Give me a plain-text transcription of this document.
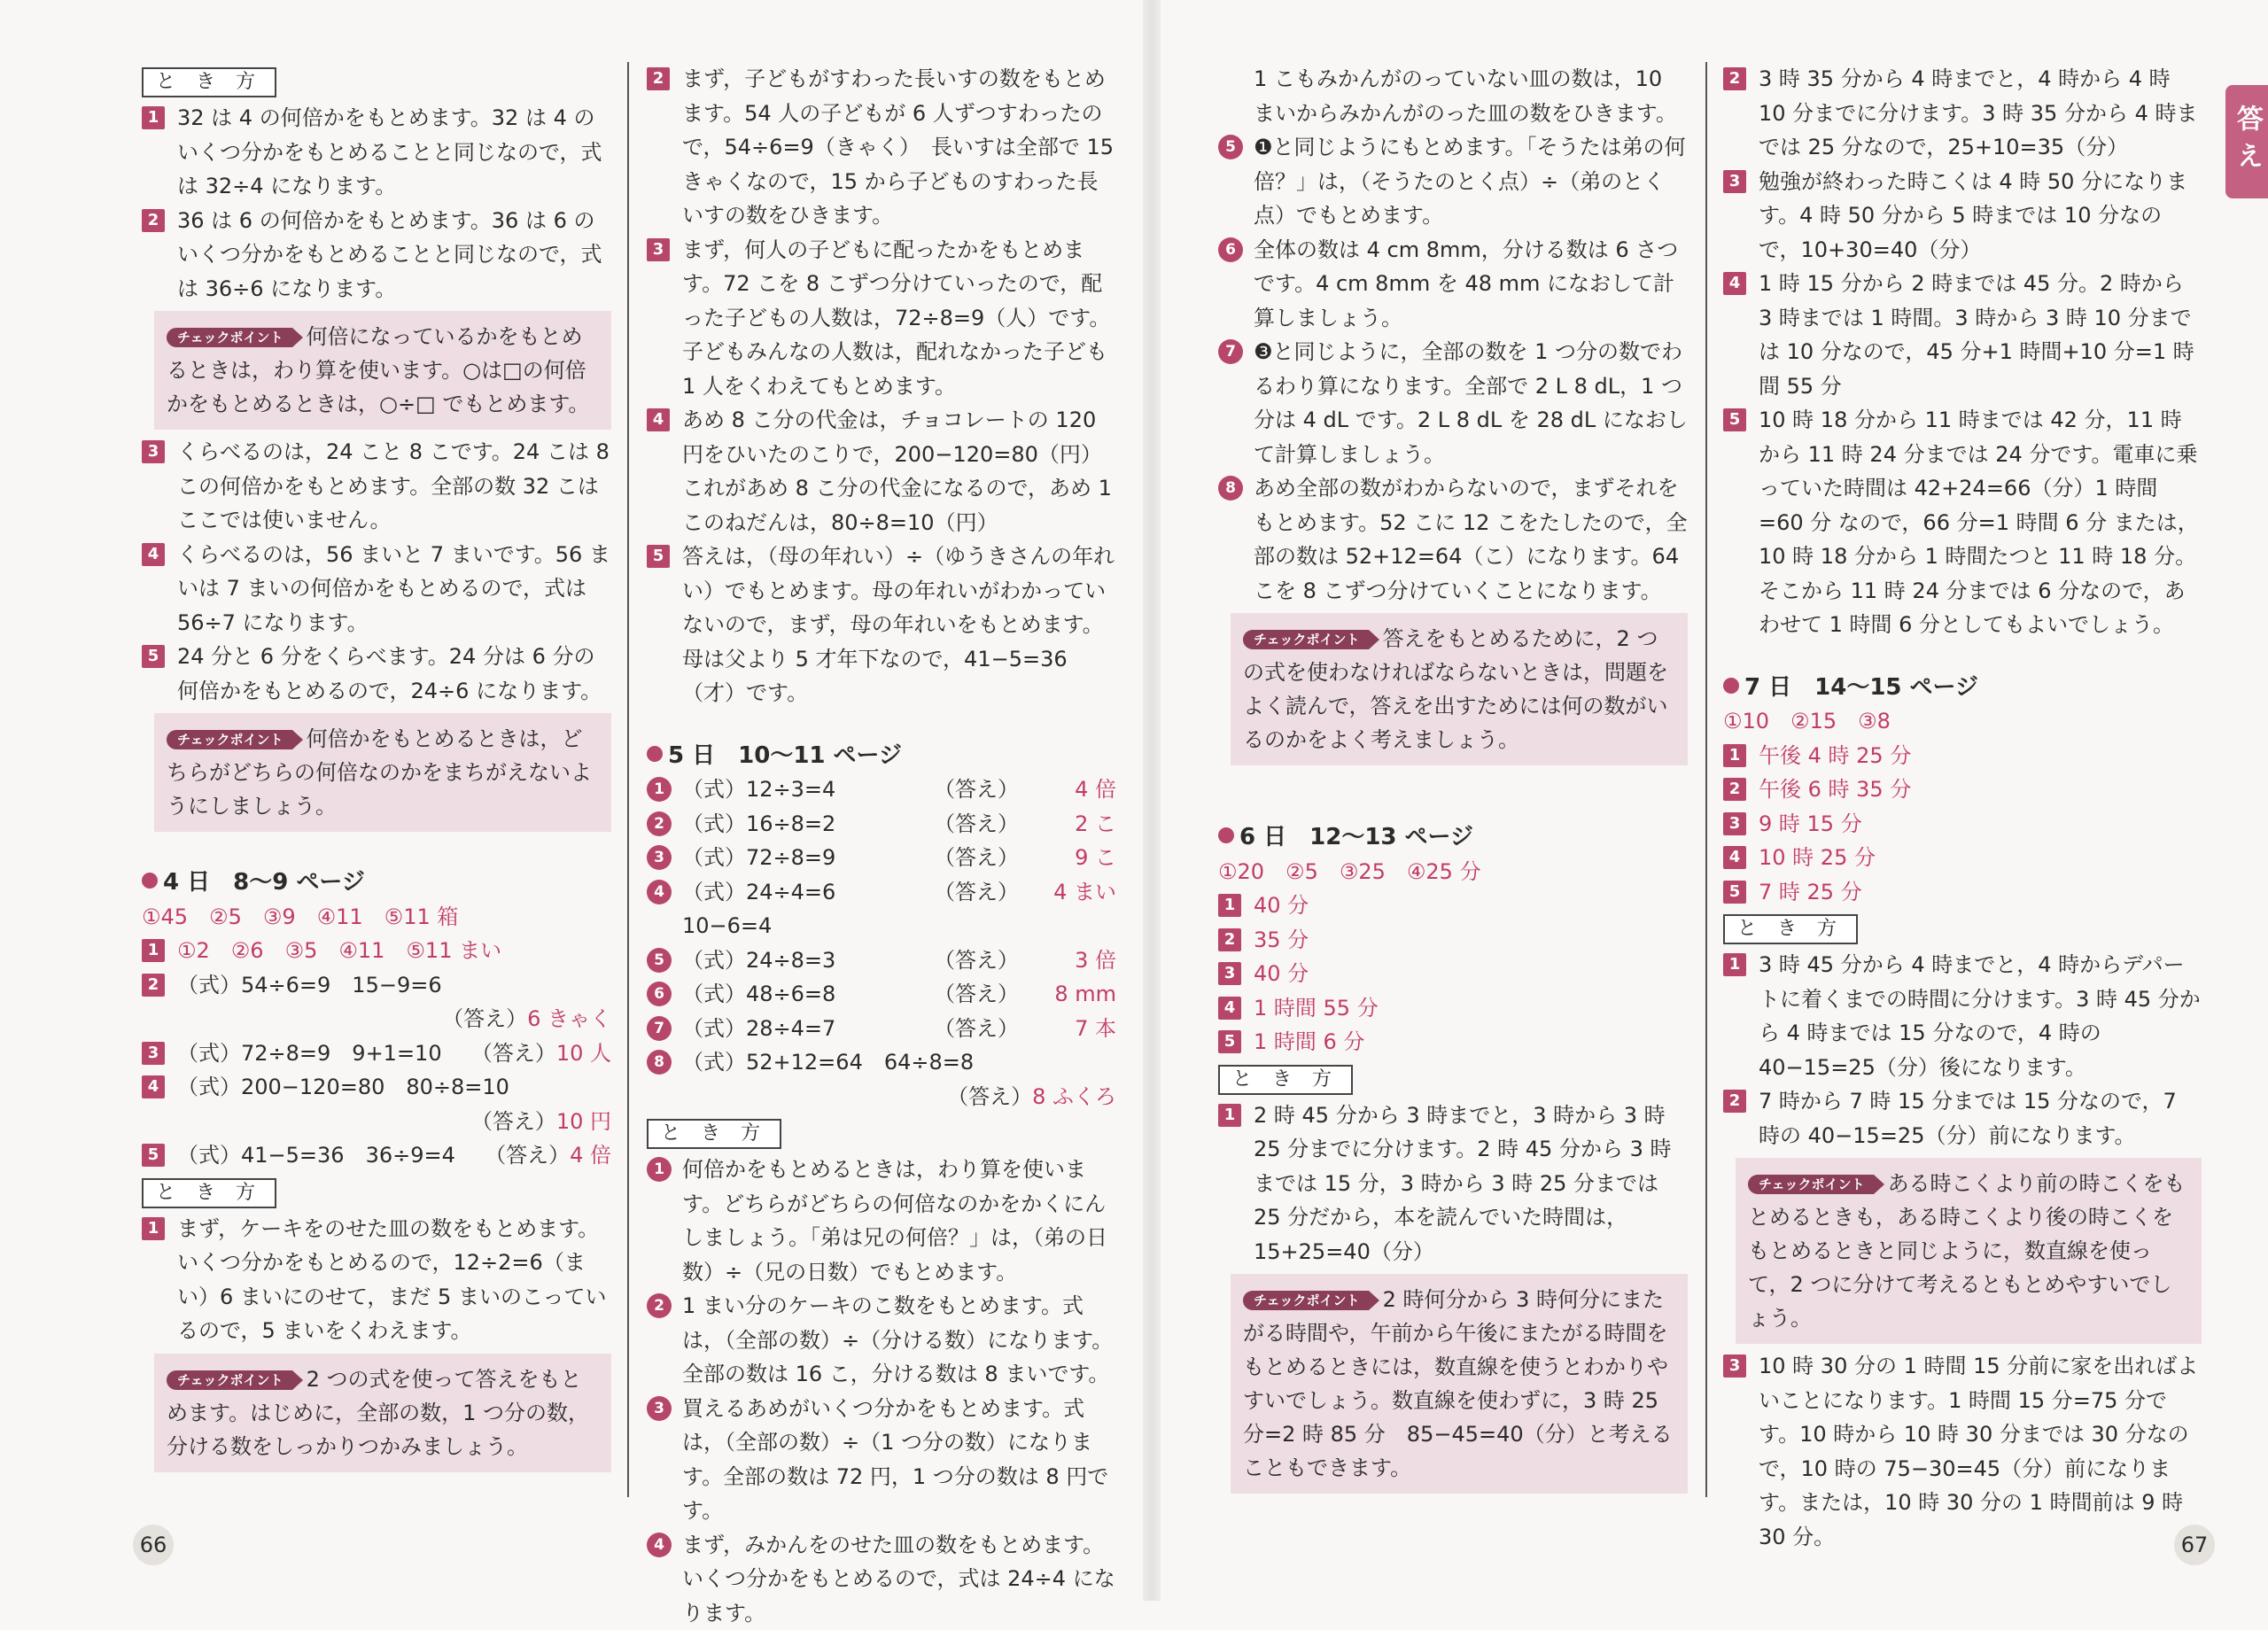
と き 方
1 32 は 4 の何倍かをもとめます。32 は 4 のいくつ分かをもとめることと同じなので，式は 32÷4 になります。
2 36 は 6 の何倍かをもとめます。36 は 6 のいくつ分かをもとめることと同じなので，式は 36÷6 になります。
チェックポイント 何倍になっているかをもとめるときは，わり算を使います。○は□の何倍かをもとめるときは，○÷□ でもとめます。
3 くらべるのは，24 こと 8 こです。24 こは 8 この何倍かをもとめます。全部の数 32 こはここでは使いません。
4 くらべるのは，56 まいと 7 まいです。56 まいは 7 まいの何倍かをもとめるので，式は 56÷7 になります。
5 24 分と 6 分をくらべます。24 分は 6 分の何倍かをもとめるので，24÷6 になります。
チェックポイント 何倍かをもとめるときは，どちらがどちらの何倍なのかをまちがえないようにしましょう。
4 日　8～9 ページ
①45　②5　③9　④11　⑤11 箱
1 ①2　②6　③5　④11　⑤11 まい
2 （式）54÷6=9　15−9=6
（答え）6 きゃく
3 （式）72÷8=9　9+1=10	（答え） 10 人
4 （式）200−120=80　80÷8=10
（答え）10 円
5 （式）41−5=36　36÷9=4	（答え） 4 倍
と き 方
1 まず，ケーキをのせた皿の数をもとめます。いくつ分かをもとめるので，12÷2=6（まい）6 まいにのせて，まだ 5 まいのこっているので，5 まいをくわえます。
チェックポイント 2 つの式を使って答えをもとめます。はじめに，全部の数，1 つ分の数，分ける数をしっかりつかみましょう。
2 まず，子どもがすわった長いすの数をもとめます。54 人の子どもが 6 人ずつすわったので，54÷6=9（きゃく）　長いすは全部で 15 きゃくなので，15 から子どものすわった長いすの数をひきます。
3 まず，何人の子どもに配ったかをもとめます。72 こを 8 こずつ分けていったので，配った子どもの人数は，72÷8=9（人）です。子どもみんなの人数は，配れなかった子ども 1 人をくわえてもとめます。
4 あめ 8 こ分の代金は，チョコレートの 120 円をひいたのこりで，200−120=80（円）これがあめ 8 こ分の代金になるので，あめ 1 このねだんは，80÷8=10（円）
5 答えは，（母の年れい）÷（ゆうきさんの年れい）でもとめます。母の年れいがわかっていないので，まず，母の年れいをもとめます。母は父より 5 才年下なので，41−5=36（才）です。
5 日　10～11 ページ
1 （式）12÷3=4	（答え）	4 倍
2 （式）16÷8=2	（答え）	2 こ
3 （式）72÷8=9	（答え）	9 こ
4 （式）24÷4=6　10−6=4
（答え）	4 まい
5 （式）24÷8=3	（答え）	3 倍
6 （式）48÷6=8	（答え）	8 mm
7 （式）28÷4=7	（答え）	7 本
8 （式）52+12=64　64÷8=8
（答え）8 ふくろ
と き 方
1 何倍かをもとめるときは，わり算を使います。どちらがどちらの何倍なのかをかくにんしましょう。「弟は兄の何倍？」は，（弟の日数）÷（兄の日数）でもとめます。
2 1 まい分のケーキのこ数をもとめます。式は，（全部の数）÷（分ける数）になります。全部の数は 16 こ，分ける数は 8 まいです。
3 買えるあめがいくつ分かをもとめます。式は，（全部の数）÷（1 つ分の数）になります。全部の数は 72 円，1 つ分の数は 8 円です。
4 まず，みかんをのせた皿の数をもとめます。いくつ分かをもとめるので，式は 24÷4 になります。
66
答え
1 こもみかんがのっていない皿の数は，10 まいからみかんがのった皿の数をひきます。
5 ❶と同じようにもとめます。「そうたは弟の何倍？」は，（そうたのとく点）÷（弟のとく点）でもとめます。
6 全体の数は 4 cm 8mm，分ける数は 6 さつです。4 cm 8mm を 48 mm になおして計算しましょう。
7 ❸と同じように，全部の数を 1 つ分の数でわるわり算になります。全部で 2 L 8 dL，1 つ分は 4 dL です。2 L 8 dL を 28 dL になおして計算しましょう。
8 あめ全部の数がわからないので，まずそれをもとめます。52 こに 12 こをたしたので，全部の数は 52+12=64（こ）になります。64 こを 8 こずつ分けていくことになります。
チェックポイント 答えをもとめるために，2 つの式を使わなければならないときは，問題をよく読んで，答えを出すためには何の数がいるのかをよく考えましょう。
6 日　12～13 ページ
①20　②5　③25　④25 分
1 40 分
2 35 分
3 40 分
4 1 時間 55 分
5 1 時間 6 分
と き 方
1 2 時 45 分から 3 時までと，3 時から 3 時 25 分までに分けます。2 時 45 分から 3 時までは 15 分，3 時から 3 時 25 分までは 25 分だから，本を読んでいた時間は，15+25=40（分）
チェックポイント 2 時何分から 3 時何分にまたがる時間や，午前から午後にまたがる時間をもとめるときには，数直線を使うとわかりやすいでしょう。数直線を使わずに，3 時 25 分=2 時 85 分　85−45=40（分）と考えることもできます。
2 3 時 35 分から 4 時までと，4 時から 4 時 10 分までに分けます。3 時 35 分から 4 時までは 25 分なので，25+10=35（分）
3 勉強が終わった時こくは 4 時 50 分になります。4 時 50 分から 5 時までは 10 分なので，10+30=40（分）
4 1 時 15 分から 2 時までは 45 分。2 時から 3 時までは 1 時間。3 時から 3 時 10 分までは 10 分なので，45 分+1 時間+10 分=1 時間 55 分
5 10 時 18 分から 11 時までは 42 分，11 時から 11 時 24 分までは 24 分です。電車に乗っていた時間は 42+24=66（分）1 時間=60 分 なので，66 分=1 時間 6 分 または，10 時 18 分から 1 時間たつと 11 時 18 分。そこから 11 時 24 分までは 6 分なので，あわせて 1 時間 6 分としてもよいでしょう。
7 日　14～15 ページ
①10　②15　③8
1 午後 4 時 25 分
2 午後 6 時 35 分
3 9 時 15 分
4 10 時 25 分
5 7 時 25 分
と き 方
1 3 時 45 分から 4 時までと，4 時からデパートに着くまでの時間に分けます。3 時 45 分から 4 時までは 15 分なので，4 時の 40−15=25（分）後になります。
2 7 時から 7 時 15 分までは 15 分なので，7 時の 40−15=25（分）前になります。
チェックポイント ある時こくより前の時こくをもとめるときも，ある時こくより後の時こくをもとめるときと同じように，数直線を使って，2 つに分けて考えるともとめやすいでしょう。
3 10 時 30 分の 1 時間 15 分前に家を出ればよいことになります。1 時間 15 分=75 分です。10 時から 10 時 30 分までは 30 分なので，10 時の 75−30=45（分）前になります。または，10 時 30 分の 1 時間前は 9 時 30 分。	67
